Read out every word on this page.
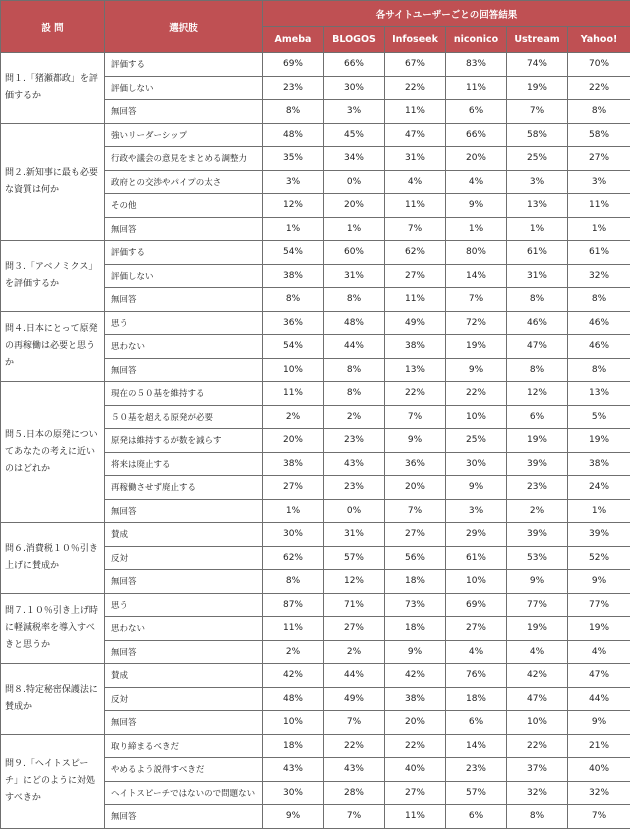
設 問	選択肢	各サイトユーザーごとの回答結果					
		Ameba	BLOGOS	Infoseek	niconico	Ustream	Yahoo!
問１.「猪瀬都政」を評価するか	評価する	69%	66%	67%	83%	74%	70%
	評価しない	23%	30%	22%	11%	19%	22%
	無回答	8%	3%	11%	6%	7%	8%
問２.新知事に最も必要な資質は何か	強いリーダーシップ	48%	45%	47%	66%	58%	58%
	行政や議会の意見をまとめる調整力	35%	34%	31%	20%	25%	27%
	政府との交渉やパイプの太さ	3%	0%	4%	4%	3%	3%
	その他	12%	20%	11%	9%	13%	11%
	無回答	1%	1%	7%	1%	1%	1%
問３.「アベノミクス」を評価するか	評価する	54%	60%	62%	80%	61%	61%
	評価しない	38%	31%	27%	14%	31%	32%
	無回答	8%	8%	11%	7%	8%	8%
問４.日本にとって原発の再稼働は必要と思うか	思う	36%	48%	49%	72%	46%	46%
	思わない	54%	44%	38%	19%	47%	46%
	無回答	10%	8%	13%	9%	8%	8%
問５.日本の原発についてあなたの考えに近いのはどれか	現在の５０基を維持する	11%	8%	22%	22%	12%	13%
	５０基を超える原発が必要	2%	2%	7%	10%	6%	5%
	原発は維持するが数を減らす	20%	23%	9%	25%	19%	19%
	将来は廃止する	38%	43%	36%	30%	39%	38%
	再稼働させず廃止する	27%	23%	20%	9%	23%	24%
	無回答	1%	0%	7%	3%	2%	1%
問６.消費税１０％引き上げに賛成か	賛成	30%	31%	27%	29%	39%	39%
	反対	62%	57%	56%	61%	53%	52%
	無回答	8%	12%	18%	10%	9%	9%
問７.１０％引き上げ時に軽減税率を導入すべきと思うか	思う	87%	71%	73%	69%	77%	77%
	思わない	11%	27%	18%	27%	19%	19%
	無回答	2%	2%	9%	4%	4%	4%
問８.特定秘密保護法に賛成か	賛成	42%	44%	42%	76%	42%	47%
	反対	48%	49%	38%	18%	47%	44%
	無回答	10%	7%	20%	6%	10%	9%
問９.「ヘイトスピーチ」にどのように対処すべきか	取り締まるべきだ	18%	22%	22%	14%	22%	21%
	やめるよう説得すべきだ	43%	43%	40%	23%	37%	40%
	ヘイトスピーチではないので問題ない	30%	28%	27%	57%	32%	32%
	無回答	9%	7%	11%	6%	8%	7%
